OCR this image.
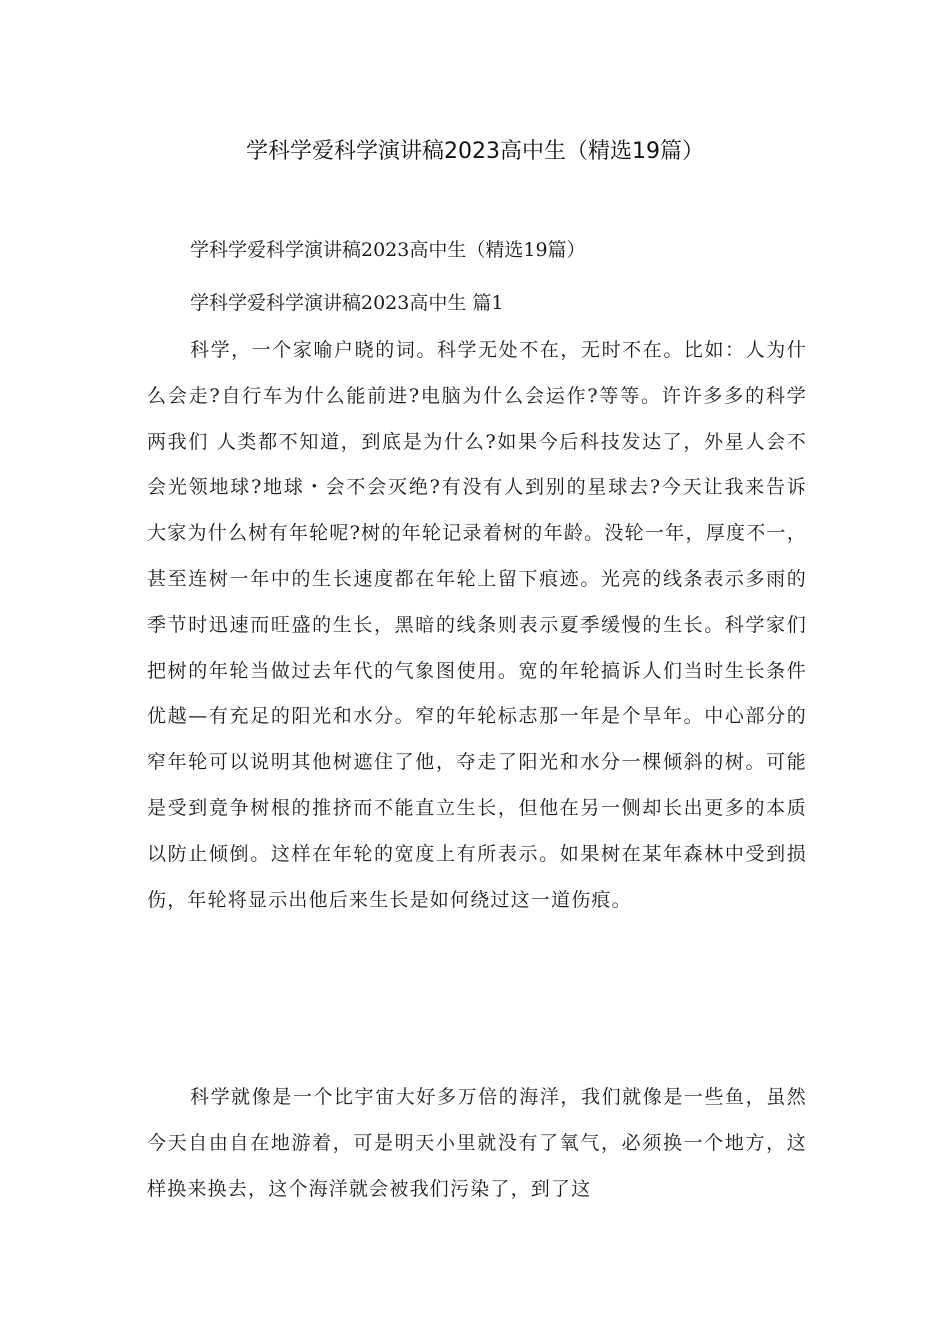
学科学爱科学演讲稿2023高中生（精选19篇）
学科学爱科学演讲稿2023高中生（精选19篇）
学科学爱科学演讲稿2023高中生 篇1
科学，一个家喻户晓的词。科学无处不在，无时不在。比如：人为什么会走?自行车为什么能前进?电脑为什么会运作?等等。许许多多的科学两我们 人类都不知道，到底是为什么?如果今后科技发达了，外星人会不会光领地球?地球・会不会灭绝?有没有人到别的星球去?今天让我来告诉大家为什么树有年轮呢?树的年轮记录着树的年龄。没轮一年，厚度不一，甚至连树一年中的生长速度都在年轮上留下痕迹。光亮的线条表示多雨的季节时迅速而旺盛的生长，黑暗的线条则表示夏季缓慢的生长。科学家们把树的年轮当做过去年代的气象图使用。宽的年轮搞诉人们当时生长条件优越—有充足的阳光和水分。窄的年轮标志那一年是个旱年。中心部分的窄年轮可以说明其他树遮住了他，夺走了阳光和水分一棵倾斜的树。可能是受到竟争树根的推挤而不能直立生长，但他在另一侧却长出更多的本质以防止倾倒。这样在年轮的宽度上有所表示。如果树在某年森林中受到损伤，年轮将显示出他后来生长是如何绕过这一道伤痕。
科学就像是一个比宇宙大好多万倍的海洋，我们就像是一些鱼，虽然今天自由自在地游着，可是明天小里就没有了氧气，必须换一个地方，这样换来换去，这个海洋就会被我们污染了，到了这
